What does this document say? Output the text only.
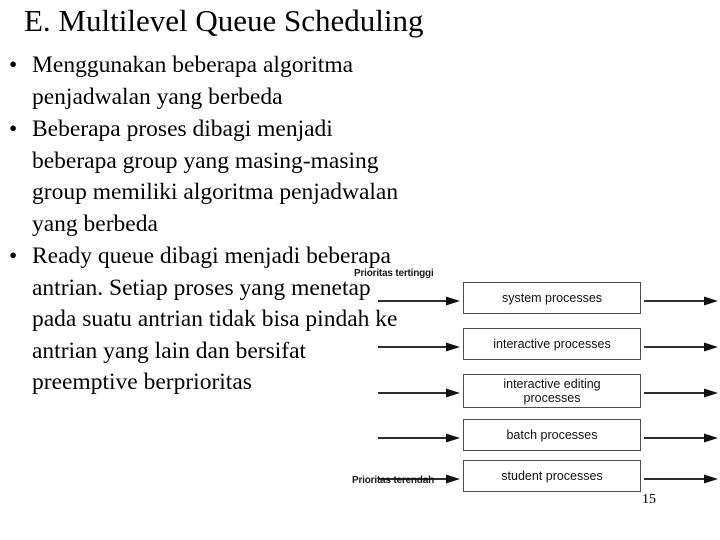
E. Multilevel Queue Scheduling
• Menggunakan beberapa algoritma penjadwalan yang berbeda
• Beberapa proses dibagi menjadi beberapa group yang masing-masing group memiliki algoritma penjadwalan yang berbeda
• Ready queue dibagi menjadi beberapa antrian. Setiap proses yang menetap pada suatu antrian tidak bisa pindah ke antrian yang lain dan bersifat preemptive berprioritas
Prioritas tertinggi
Prioritas terendah
system processes
interactive processes
interactive editing processes
batch processes
student processes
15
